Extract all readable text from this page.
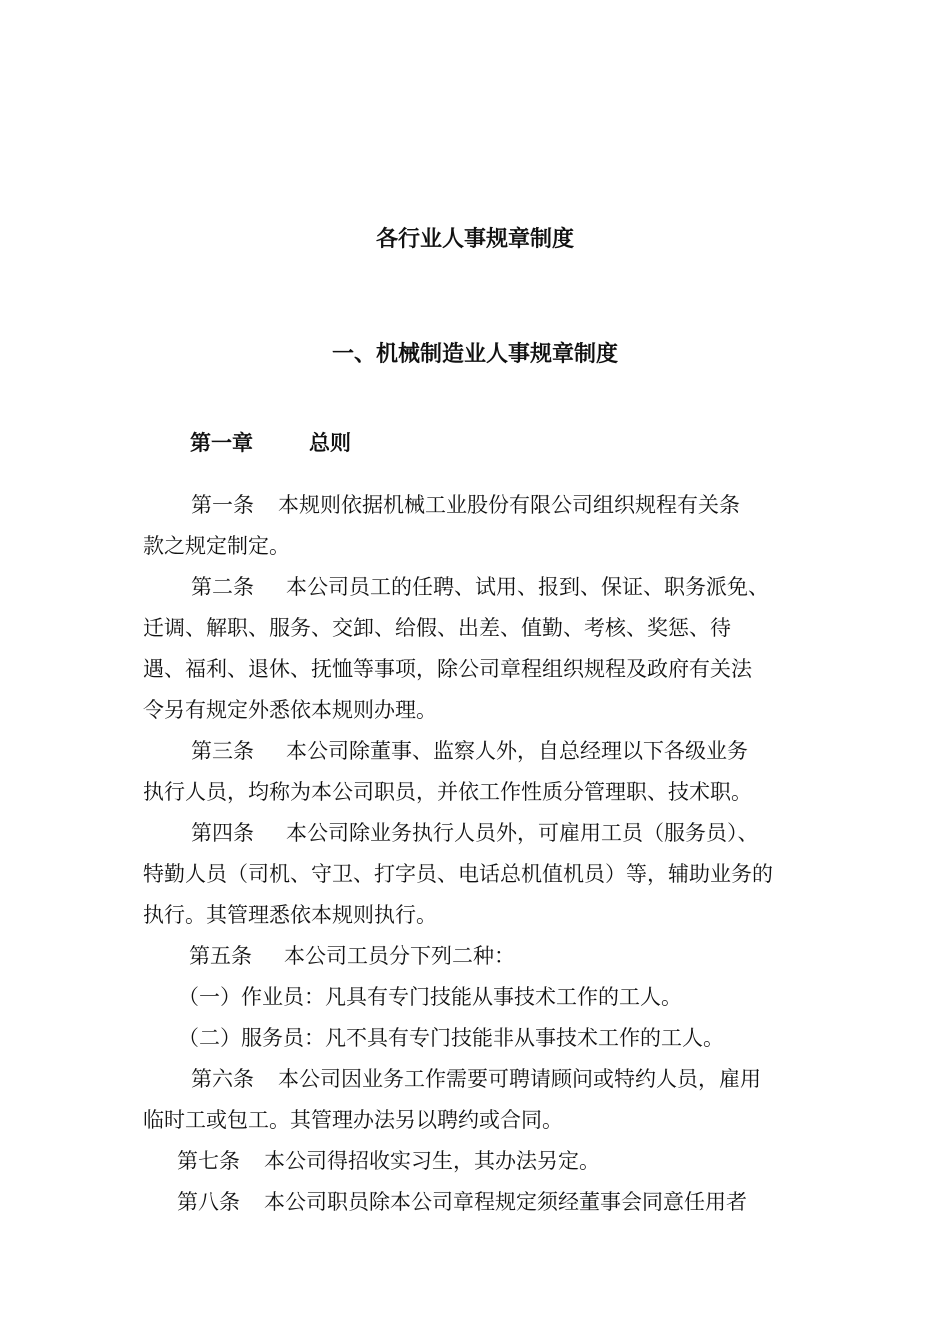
各行业人事规章制度
一、机械制造业人事规章制度
第一章	总则
第一条 本规则依据机械工业股份有限公司组织规程有关条
款之规定制定。
第二条 本公司员工的任聘、试用、报到、保证、职务派免、
迁调、解职、服务、交卸、给假、出差、值勤、考核、奖惩、待
遇、福利、退休、抚恤等事项，除公司章程组织规程及政府有关法
令另有规定外悉依本规则办理。
第三条 本公司除董事、监察人外，自总经理以下各级业务
执行人员，均称为本公司职员，并依工作性质分管理职、技术职。
第四条 本公司除业务执行人员外，可雇用工员（服务员）、
特勤人员（司机、守卫、打字员、电话总机值机员）等，辅助业务的
执行。其管理悉依本规则执行。
第五条 本公司工员分下列二种：
（一）作业员：凡具有专门技能从事技术工作的工人。
（二）服务员：凡不具有专门技能非从事技术工作的工人。
第六条 本公司因业务工作需要可聘请顾问或特约人员，雇用
临时工或包工。其管理办法另以聘约或合同。
第七条 本公司得招收实习生，其办法另定。
第八条 本公司职员除本公司章程规定须经董事会同意任用者
